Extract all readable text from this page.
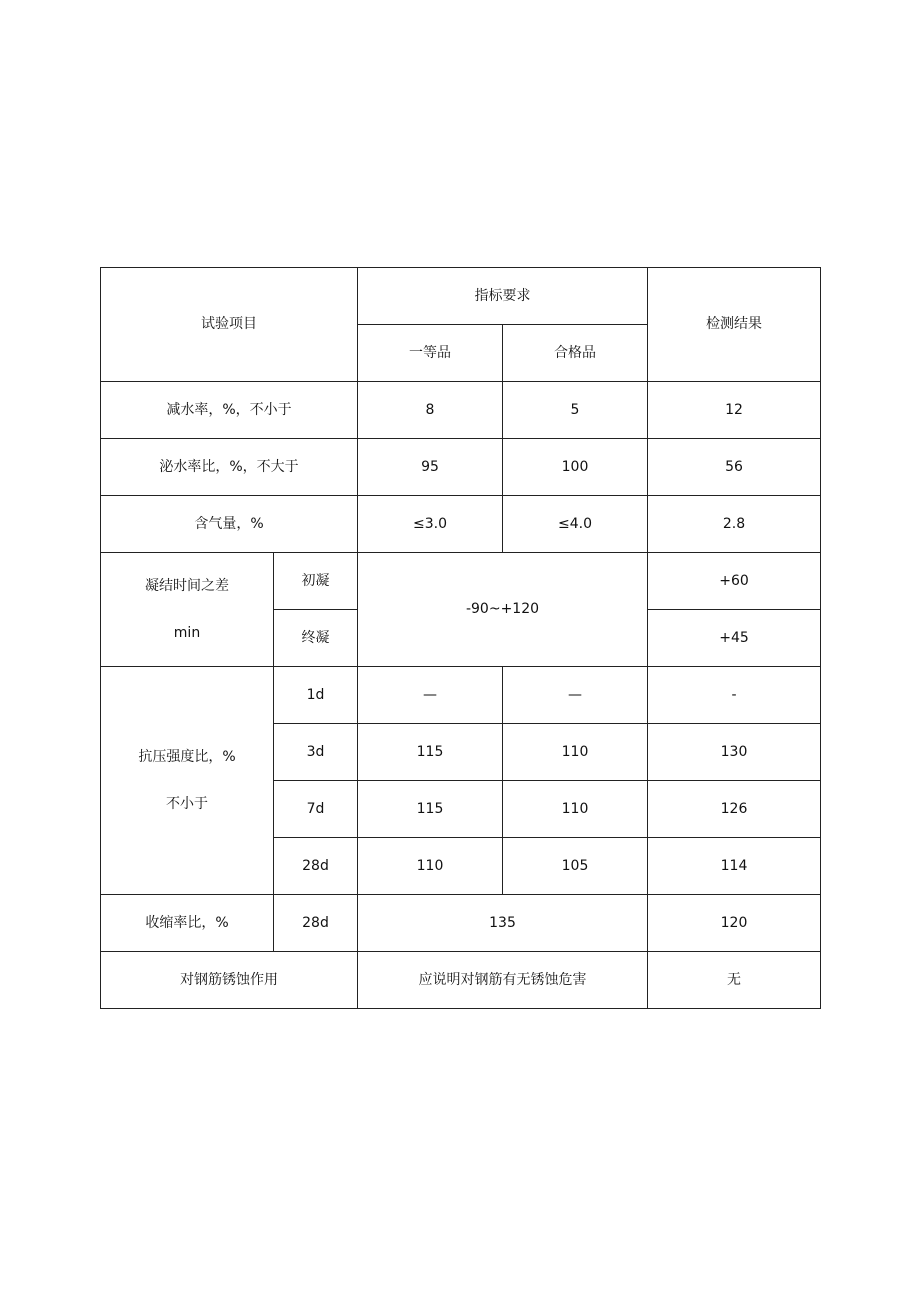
试验项目		指标要求		检测结果
		一等品	合格品	
减水率，%，不小于		8	5	12
泌水率比，%，不大于		95	100	56
含气量，%		≤3.0	≤4.0	2.8

凝结时间之差
min	初凝	-90~+120		+60
	终凝			+45

抗压强度比，%
不小于	1d	—	—	-
	3d	115	110	130
	7d	115	110	126
	28d	110	105	114
收缩率比，%	28d	135		120
对钢筋锈蚀作用		应说明对钢筋有无锈蚀危害		无
